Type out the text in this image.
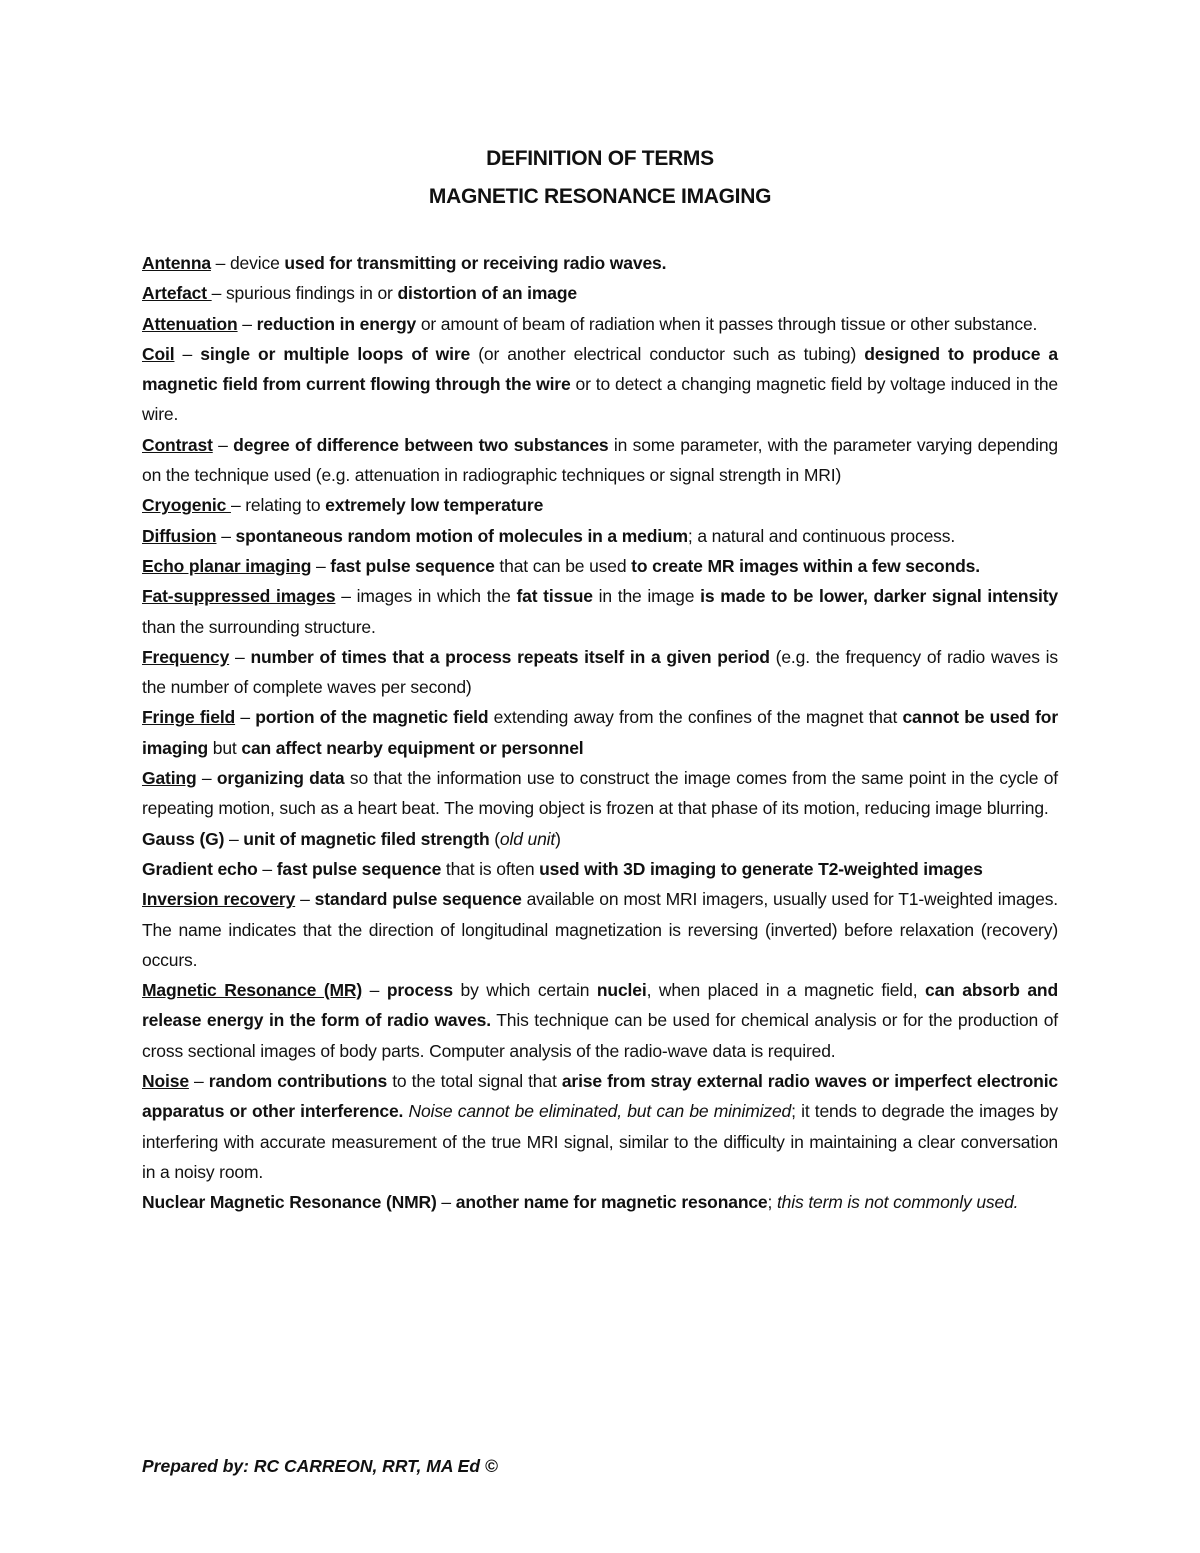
DEFINITION OF TERMS
MAGNETIC RESONANCE IMAGING

Antenna – device used for transmitting or receiving radio waves.

Artefact – spurious findings in or distortion of an image

Attenuation – reduction in energy or amount of beam of radiation when it passes through tissue or other substance.

Coil – single or multiple loops of wire (or another electrical conductor such as tubing) designed to produce a magnetic field from current flowing through the wire or to detect a changing magnetic field by voltage induced in the wire.

Contrast – degree of difference between two substances in some parameter, with the parameter varying depending on the technique used (e.g. attenuation in radiographic techniques or signal strength in MRI)

Cryogenic – relating to extremely low temperature

Diffusion – spontaneous random motion of molecules in a medium; a natural and continuous process.

Echo planar imaging – fast pulse sequence that can be used to create MR images within a few seconds.

Fat-suppressed images – images in which the fat tissue in the image is made to be lower, darker signal intensity than the surrounding structure.

Frequency – number of times that a process repeats itself in a given period (e.g. the frequency of radio waves is the number of complete waves per second)

Fringe field – portion of the magnetic field extending away from the confines of the magnet that cannot be used for imaging but can affect nearby equipment or personnel

Gating – organizing data so that the information use to construct the image comes from the same point in the cycle of repeating motion, such as a heart beat. The moving object is frozen at that phase of its motion, reducing image blurring.

Gauss (G) – unit of magnetic filed strength (old unit)

Gradient echo – fast pulse sequence that is often used with 3D imaging to generate T2-weighted images

Inversion recovery – standard pulse sequence available on most MRI imagers, usually used for T1-weighted images. The name indicates that the direction of longitudinal magnetization is reversing (inverted) before relaxation (recovery) occurs.

Magnetic Resonance (MR) – process by which certain nuclei, when placed in a magnetic field, can absorb and release energy in the form of radio waves. This technique can be used for chemical analysis or for the production of cross sectional images of body parts. Computer analysis of the radio-wave data is required.

Noise – random contributions to the total signal that arise from stray external radio waves or imperfect electronic apparatus or other interference. Noise cannot be eliminated, but can be minimized; it tends to degrade the images by interfering with accurate measurement of the true MRI signal, similar to the difficulty in maintaining a clear conversation in a noisy room.

Nuclear Magnetic Resonance (NMR) – another name for magnetic resonance; this term is not commonly used.

Prepared by: RC CARREON, RRT, MA Ed ©
